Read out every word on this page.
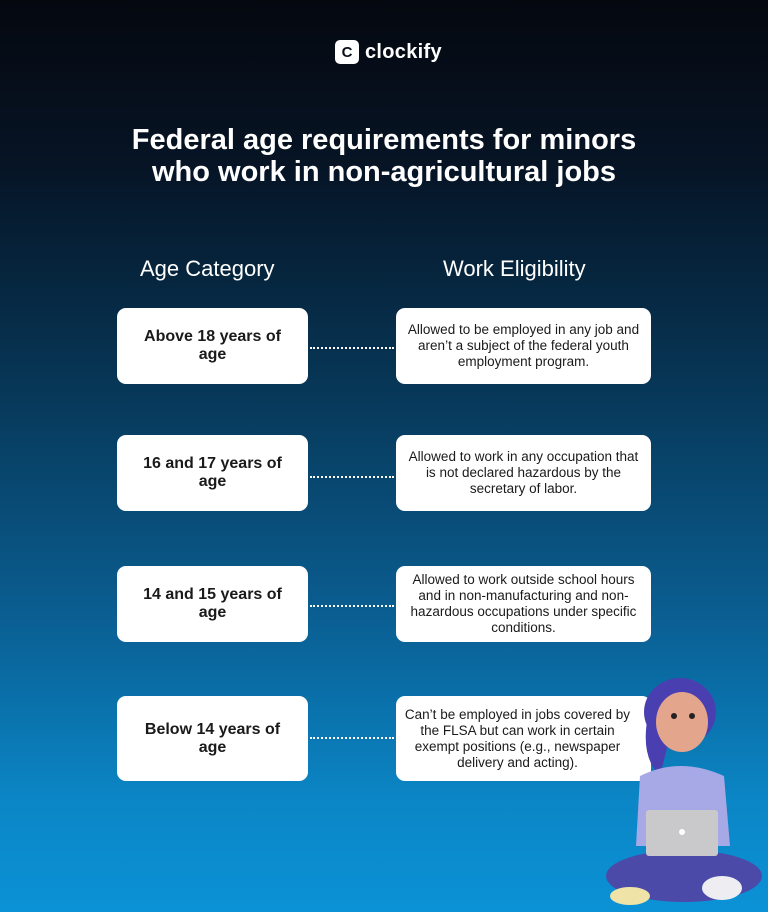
C clockify
Federal age requirements for minors
who work in non-agricultural jobs
Age Category	Work Eligibility
Above 18 years of age
Allowed to be employed in any job and aren’t a subject of the federal youth employment program.
16 and 17 years of age
Allowed to work in any occupation that is not declared hazardous by the secretary of labor.
14 and 15 years of age
Allowed to work outside school hours and in non-manufacturing and non-hazardous occupations under specific conditions.
Below 14 years of age
Can’t be employed in jobs covered by the FLSA but can work in certain exempt positions (e.g., newspaper delivery and acting).
